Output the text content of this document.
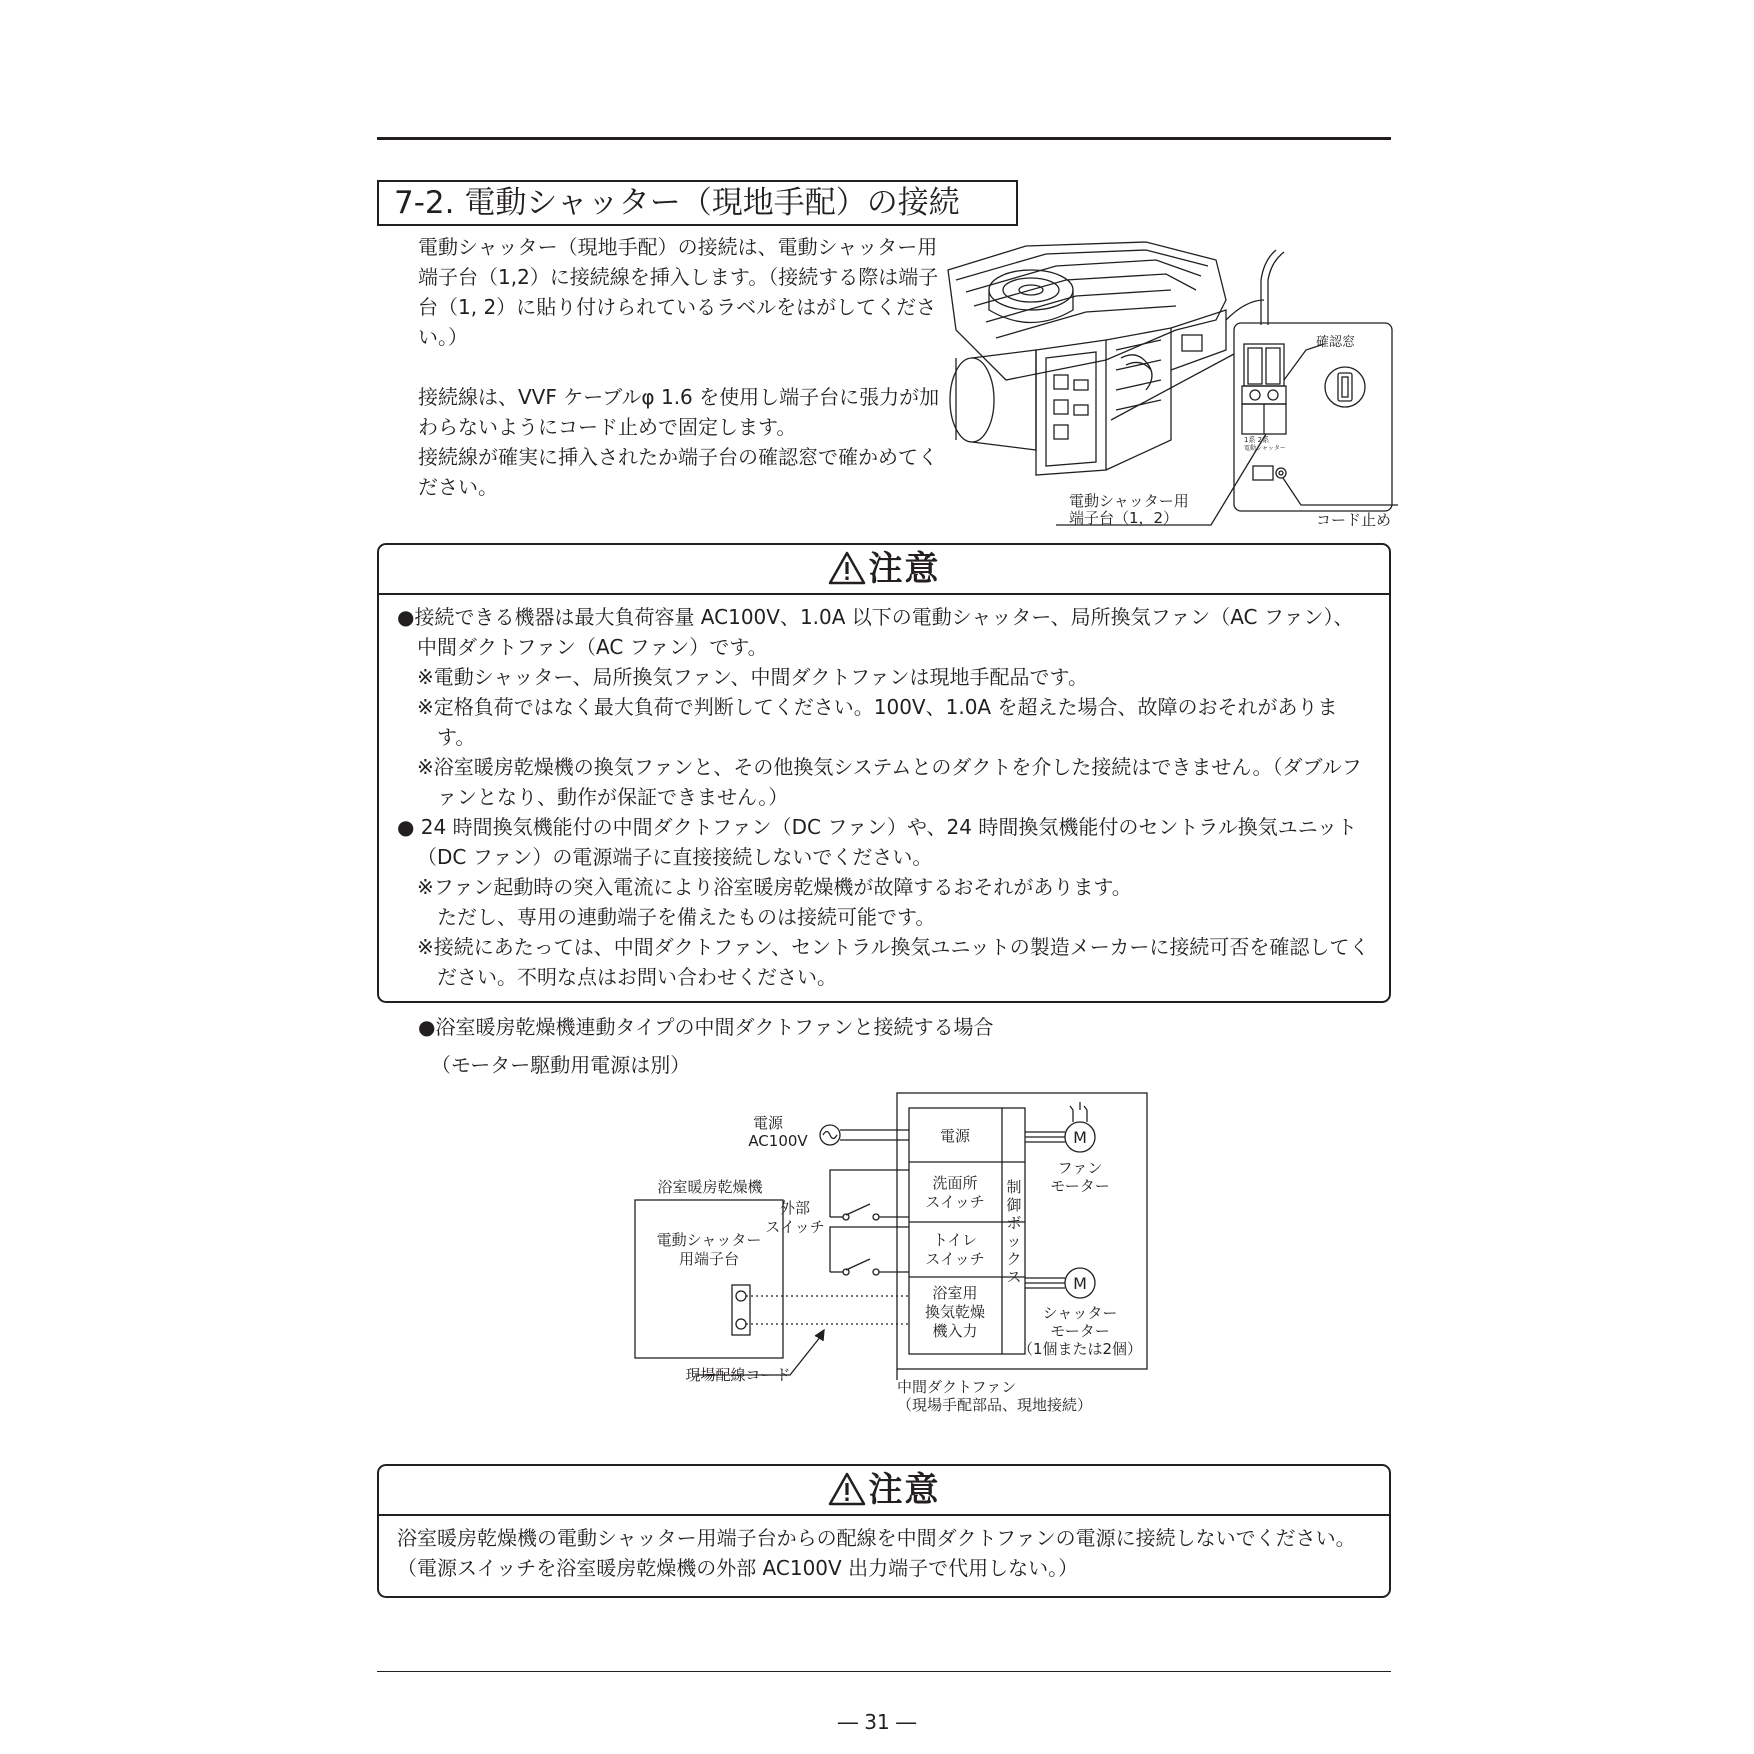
7-2. 電動シャッター（現地手配）の接続

電動シャッター（現地手配）の接続は、電動シャッター用端子台（1,2）に接続線を挿入します。（接続する際は端子台（1, 2）に貼り付けられているラベルをはがしてください。）

接続線は、VVF ケーブルφ 1.6 を使用し端子台に張力が加わらないようにコード止めで固定します。

接続線が確実に挿入されたか端子台の確認窓で確かめてください。

確認窓
1系 2系
電動シャッター
電動シャッター用
端子台（1，2）	コード止め
注意

●接続できる機器は最大負荷容量 AC100V、1.0A 以下の電動シャッター、局所換気ファン（AC ファン）、中間ダクトファン（AC ファン）です。

※電動シャッター、局所換気ファン、中間ダクトファンは現地手配品です。

※定格負荷ではなく最大負荷で判断してください。100V、1.0A を超えた場合、故障のおそれがあります。

※浴室暖房乾燥機の換気ファンと、その他換気システムとのダクトを介した接続はできません。（ダブルファンとなり、動作が保証できません。）

● 24 時間換気機能付の中間ダクトファン（DC ファン）や、24 時間換気機能付のセントラル換気ユニット（DC ファン）の電源端子に直接接続しないでください。

※ファン起動時の突入電流により浴室暖房乾燥機が故障するおそれがあります。

ただし、専用の連動端子を備えたものは接続可能です。

※接続にあたっては、中間ダクトファン、セントラル換気ユニットの製造メーカーに接続可否を確認してください。不明な点はお問い合わせください。

●浴室暖房乾燥機連動タイプの中間ダクトファンと接続する場合
（モーター駆動用電源は別）
電源
AC100V
浴室暖房乾燥機
電動シャッター
用端子台
外部
スイッチ
電源
洗面所
スイッチ
トイレ
スイッチ
浴室用
換気乾燥
機入力
制
御
ボ
ッ
ク
ス
M
M
ファン
モーター
シャッター
モーター
（1個または2個）
現場配線コード
中間ダクトファン
（現場手配部品、現地接続）
注意

浴室暖房乾燥機の電動シャッター用端子台からの配線を中間ダクトファンの電源に接続しないでください。（電源スイッチを浴室暖房乾燥機の外部 AC100V 出力端子で代用しない。）

― 31 ―
